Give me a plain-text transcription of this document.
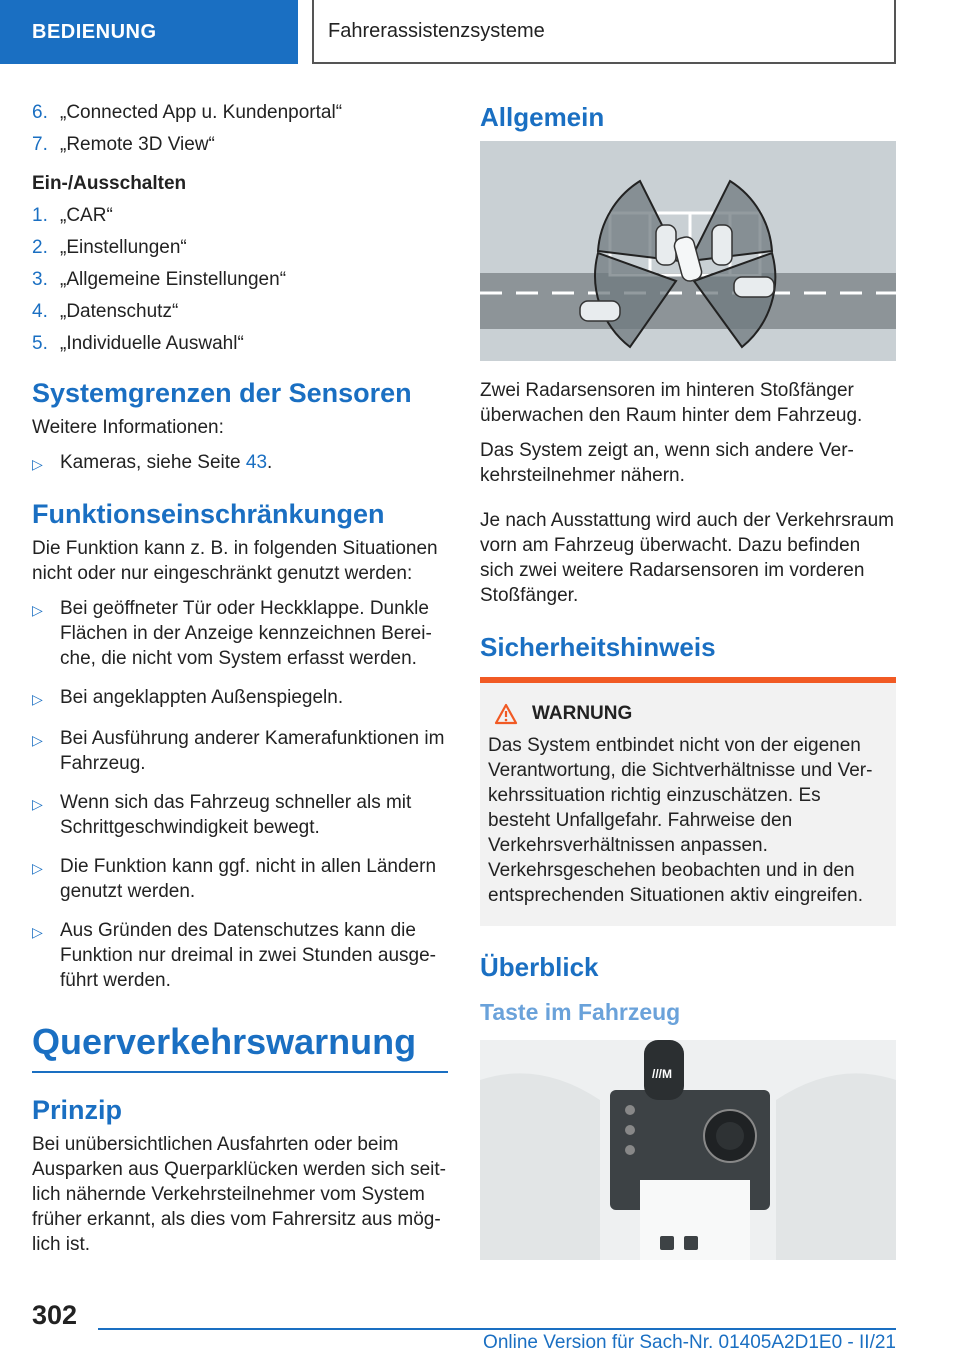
BEDIENUNG	Fahrerassistenzsysteme
6. „Connected App u. Kundenportal“
7. „Remote 3D View“
Ein-/Ausschalten
1. „CAR“
2. „Einstellungen“
3. „Allgemeine Einstellungen“
4. „Datenschutz“
5. „Individuelle Auswahl“
Systemgrenzen der Sensoren

Weitere Informationen:

▷ Kameras, siehe Seite 43.
Funktionseinschränkungen

Die Funktion kann z. B. in folgenden Situationen nicht oder nur eingeschränkt genutzt werden:

▷ Bei geöffneter Tür oder Heckklappe. Dunkle Flächen in der Anzeige kennzeichnen Bereiche, die nicht vom System erfasst werden.
▷ Bei angeklappten Außenspiegeln.
▷ Bei Ausführung anderer Kamerafunktionen im Fahrzeug.
▷ Wenn sich das Fahrzeug schneller als mit Schrittgeschwindigkeit bewegt.
▷ Die Funktion kann ggf. nicht in allen Ländern genutzt werden.
▷ Aus Gründen des Datenschutzes kann die Funktion nur dreimal in zwei Stunden ausgeführt werden.
Querverkehrswarnung
Prinzip

Bei unübersichtlichen Ausfahrten oder beim Ausparken aus Querparklücken werden sich seitlich nähernde Verkehrsteilnehmer vom System früher erkannt, als dies vom Fahrersitz aus möglich ist.

Allgemein

Zwei Radarsensoren im hinteren Stoßfänger überwachen den Raum hinter dem Fahrzeug.

Das System zeigt an, wenn sich andere Verkehrsteilnehmer nähern.

Je nach Ausstattung wird auch der Verkehrsraum vorn am Fahrzeug überwacht. Dazu befinden sich zwei weitere Radarsensoren im vorderen Stoßfänger.

Sicherheitshinweis
WARNUNG

Das System entbindet nicht von der eigenen Verantwortung, die Sichtverhältnisse und Verkehrssituation richtig einzuschätzen. Es besteht Unfallgefahr. Fahrweise den Verkehrsverhältnissen anpassen. Verkehrsgeschehen beobachten und in den entsprechenden Situationen aktiv eingreifen.

Überblick
Taste im Fahrzeug
///M
302
Online Version für Sach-Nr. 01405A2D1E0 - II/21
